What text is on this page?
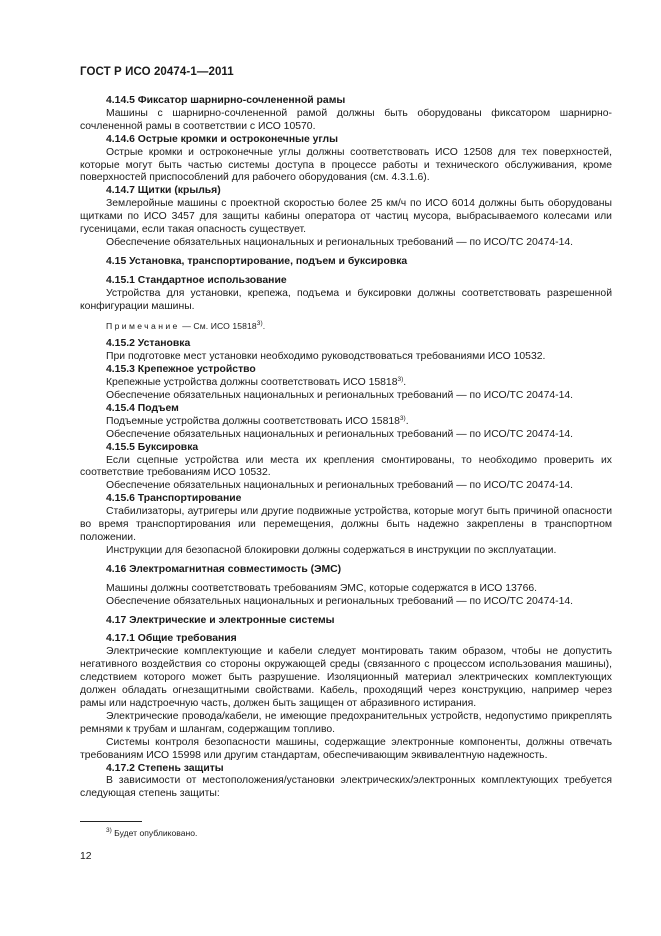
ГОСТ Р ИСО 20474-1—2011
4.14.5 Фиксатор шарнирно-сочлененной рамы
Машины с шарнирно-сочлененной рамой должны быть оборудованы фиксатором шарнирно-сочлененной рамы в соответствии с ИСО 10570.
4.14.6 Острые кромки и остроконечные углы
Острые кромки и остроконечные углы должны соответствовать ИСО 12508 для тех поверхностей, которые могут быть частью системы доступа в процессе работы и технического обслуживания, кроме поверхностей приспособлений для рабочего оборудования (см. 4.3.1.6).
4.14.7 Щитки (крылья)
Землеройные машины с проектной скоростью более 25 км/ч по ИСО 6014 должны быть оборудованы щитками по ИСО 3457 для защиты кабины оператора от частиц мусора, выбрасываемого колесами или гусеницами, если такая опасность существует.
Обеспечение обязательных национальных и региональных требований — по ИСО/ТС 20474-14.
4.15 Установка, транспортирование, подъем и буксировка
4.15.1 Стандартное использование
Устройства для установки, крепежа, подъема и буксировки должны соответствовать разрешенной конфигурации машины.
Примечание — См. ИСО 15818$^{3)}$.
4.15.2 Установка
При подготовке мест установки необходимо руководствоваться требованиями ИСО 10532.
4.15.3 Крепежное устройство
Крепежные устройства должны соответствовать ИСО 15818$^{3)}$.
Обеспечение обязательных национальных и региональных требований — по ИСО/ТС 20474-14.
4.15.4 Подъем
Подъемные устройства должны соответствовать ИСО 15818$^{3)}$.
Обеспечение обязательных национальных и региональных требований — по ИСО/ТС 20474-14.
4.15.5 Буксировка
Если сцепные устройства или места их крепления смонтированы, то необходимо проверить их соответствие требованиям ИСО 10532.
Обеспечение обязательных национальных и региональных требований — по ИСО/ТС 20474-14.
4.15.6 Транспортирование
Стабилизаторы, аутригеры или другие подвижные устройства, которые могут быть причиной опасности во время транспортирования или перемещения, должны быть надежно закреплены в транспортном положении.
Инструкции для безопасной блокировки должны содержаться в инструкции по эксплуатации.
4.16 Электромагнитная совместимость (ЭМС)
Машины должны соответствовать требованиям ЭМС, которые содержатся в ИСО 13766.
Обеспечение обязательных национальных и региональных требований — по ИСО/ТС 20474-14.
4.17 Электрические и электронные системы
4.17.1 Общие требования
Электрические комплектующие и кабели следует монтировать таким образом, чтобы не допустить негативного воздействия со стороны окружающей среды (связанного с процессом использования машины), следствием которого может быть разрушение. Изоляционный материал электрических комплектующих должен обладать огнезащитными свойствами. Кабель, проходящий через конструкцию, например через рамы или надстроечную часть, должен быть защищен от абразивного истирания.
Электрические провода/кабели, не имеющие предохранительных устройств, недопустимо прикреплять ремнями к трубам и шлангам, содержащим топливо.
Системы контроля безопасности машины, содержащие электронные компоненты, должны отвечать требованиям ИСО 15998 или другим стандартам, обеспечивающим эквивалентную надежность.
4.17.2 Степень защиты
В зависимости от местоположения/установки электрических/электронных комплектующих требуется следующая степень защиты:
$^{3)}$ Будет опубликовано.
12
